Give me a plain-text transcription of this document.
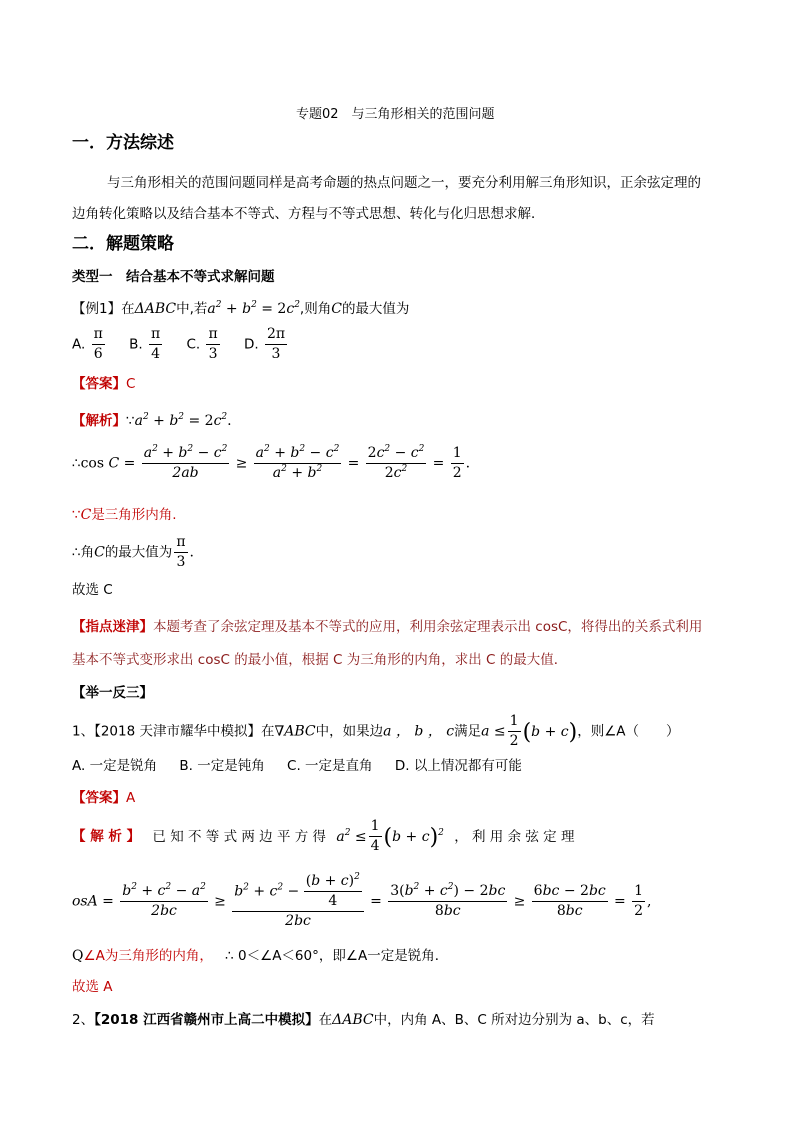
专题02　与三角形相关的范围问题
一．方法综述
与三角形相关的范围问题同样是高考命题的热点问题之一，要充分利用解三角形知识，正余弦定理的
边角转化策略以及结合基本不等式、方程与不等式思想、转化与化归思想求解．
二．解题策略
类型一　结合基本不等式求解问题
【例1】在ΔABC中,若$a^2 + b^2 = 2c^2$,则角C的最大值为
A. $\frac{\pi}{6} B$. $\frac{\pi}{4} C$. $\frac{\pi}{3} D$. $\frac{2\pi}{3}$
【答案】C
【解析】$\because a^2 + b^2 = 2c^2$.
∴cos $C = \frac{a^2 + b^2 - c^2}{2ab} \ge \frac{a^2 + b^2 - c^2}{a^2 + b^2} = \frac{2c^2 - c^2}{2c^2} = \frac{1}{2}$ .
∵C是三角形内角.
∴角C的最大值为 $\frac{\pi}{3}$ .
故选 C
【指点迷津】本题考查了余弦定理及基本不等式的应用，利用余弦定理表示出 cosC，将得出的关系式利用
基本不等式变形求出 cosC 的最小值，根据 C 为三角形的内角，求出 C 的最大值．
【举一反三】
1、【2018 天津市耀华中模拟】在∇ABC中，如果边a ， b ， c满足$a \le \frac{1}{2} (b + c)$，则∠A（　　）
A. 一定是锐角 B. 一定是钝角 C. 一定是直角 D. 以上情况都有可能
【答案】A
【 解 析 】 已 知 不 等 式 两 边 平 方 得 $a^2 \le \frac{1}{4} (b + c)^2$ ， 利 用 余 弦 定 理
osA = $\frac{b^2 + c^2 - a^2}{2bc} \ge \frac{b^2 + c^2 - \frac{(b + c)^2}{4}}{2bc} = \frac{3(b^2 + c^2) - 2bc}{8bc} \ge \frac{6bc - 2bc}{8bc} = \frac{1}{2}$ ,
Q∠A为三角形的内角， ∴ 0＜∠A＜60°，即∠A一定是锐角．
故选 A
2、【2018 江西省赣州市上高二中模拟】在ΔABC中，内角 A、B、C 所对边分别为 a、b、c，若
